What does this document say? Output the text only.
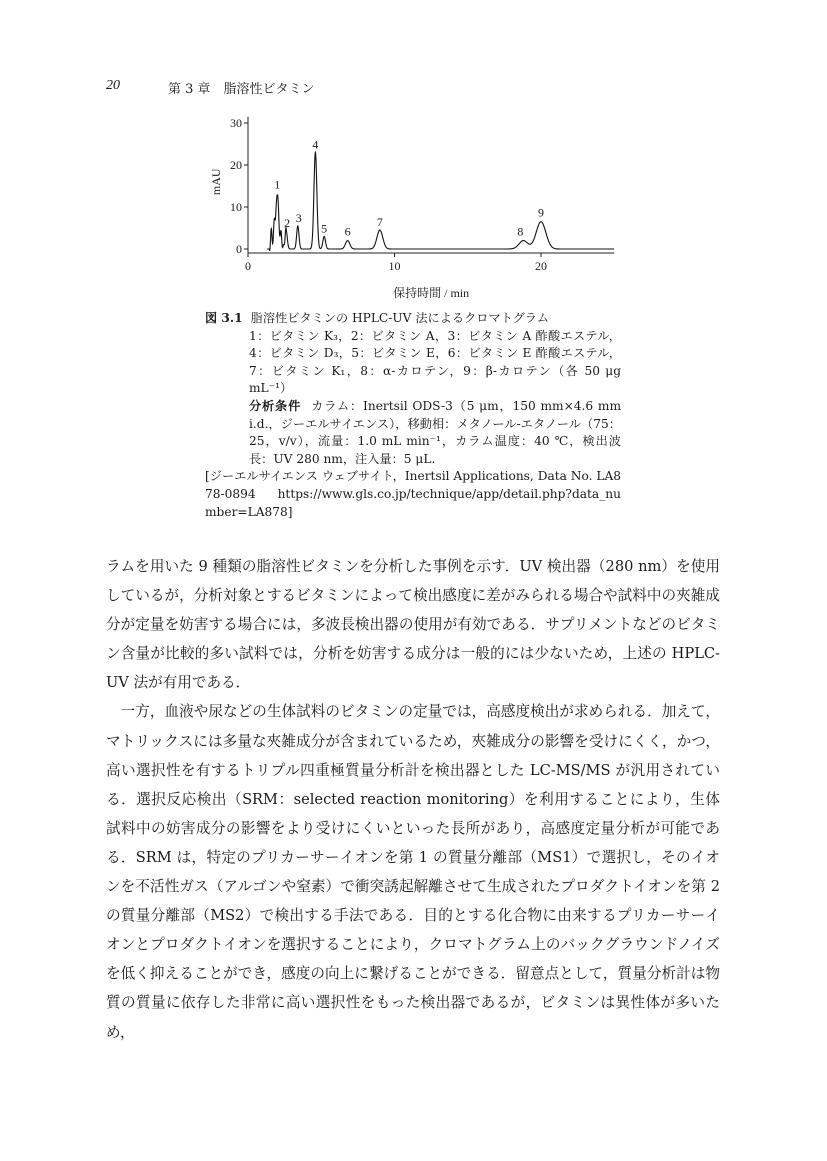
20	第 3 章　脂溶性ビタミン
0
10
20
30
0	10	20
保持時間 / min
mAU	1
2 3
4
5 6
7
8
9
図 3.1 脂溶性ビタミンの HPLC-UV 法によるクロマトグラム
1：ビタミン K₃，2：ビタミン A，3：ビタミン A 酢酸エステル，4：ビタミン D₃，5：ビタミン E，6：ビタミン E 酢酸エステル，7：ビタミン K₁，8：α-カロテン，9：β-カロテン（各 50 μg mL⁻¹）
分析条件 カラム：Inertsil ODS-3（5 μm，150 mm×4.6 mm i.d.，ジーエルサイエンス），移動相：メタノール-エタノール（75：25，v/v），流量：1.0 mL min⁻¹，カラム温度：40 ℃，検出波長：UV 280 nm，注入量：5 μL.
[ジーエルサイエンス ウェブサイト，Inertsil Applications, Data No. LA878-0894　https://www.gls.co.jp/technique/app/detail.php?data_number=LA878]

ラムを用いた 9 種類の脂溶性ビタミンを分析した事例を示す．UV 検出器（280 nm）を使用しているが，分析対象とするビタミンによって検出感度に差がみられる場合や試料中の夾雑成分が定量を妨害する場合には，多波長検出器の使用が有効である．サプリメントなどのビタミン含量が比較的多い試料では，分析を妨害する成分は一般的には少ないため，上述の HPLC-UV 法が有用である．

一方，血液や尿などの生体試料のビタミンの定量では，高感度検出が求められる．加えて，マトリックスには多量な夾雑成分が含まれているため，夾雑成分の影響を受けにくく，かつ，高い選択性を有するトリプル四重極質量分析計を検出器とした LC-MS/MS が汎用されている．選択反応検出（SRM：selected reaction monitoring）を利用することにより，生体試料中の妨害成分の影響をより受けにくいといった長所があり，高感度定量分析が可能である．SRM は，特定のプリカーサーイオンを第 1 の質量分離部（MS1）で選択し，そのイオンを不活性ガス（アルゴンや窒素）で衝突誘起解離させて生成されたプロダクトイオンを第 2 の質量分離部（MS2）で検出する手法である．目的とする化合物に由来するプリカーサーイオンとプロダクトイオンを選択することにより，クロマトグラム上のバックグラウンドノイズを低く抑えることができ，感度の向上に繋げることができる．留意点として，質量分析計は物質の質量に依存した非常に高い選択性をもった検出器であるが，ビタミンは異性体が多いため，
